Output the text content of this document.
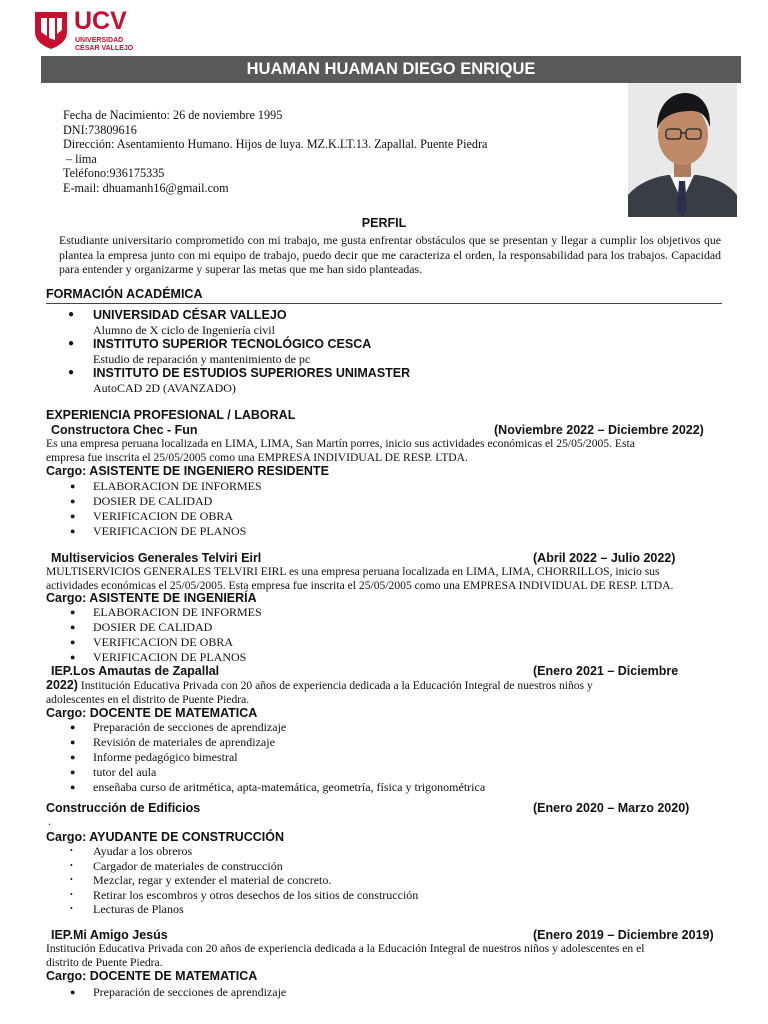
UCV
UNIVERSIDAD
CÉSAR VALLEJO
HUAMAN HUAMAN DIEGO ENRIQUE
Fecha de Nacimiento: 26 de noviembre 1995
DNI:73809616
Dirección: Asentamiento Humano. Hijos de luya. MZ.K.LT.13. Zapallal. Puente Piedra
– lima
Teléfono:936175335
E-mail: dhuamanh16@gmail.com
PERFIL
Estudiante universitario comprometido con mi trabajo, me gusta enfrentar obstáculos que se presentan y llegar a cumplir los objetivos que plantea la empresa junto con mi equipo de trabajo, puedo decir que me caracteriza el orden, la responsabilidad para los trabajos. Capacidad para entender y organizarme y superar las metas que me han sido planteadas.
FORMACIÓN ACADÉMICA
● UNIVERSIDAD CÉSAR VALLEJO
Alumno de X ciclo de Ingeniería civil
● INSTITUTO SUPERIOR TECNOLÓGICO CESCA
Estudio de reparación y mantenimiento de pc
● INSTITUTO DE ESTUDIOS SUPERIORES UNIMASTER
AutoCAD 2D (AVANZADO)
EXPERIENCIA PROFESIONAL / LABORAL
Constructora Chec - Fun	(Noviembre 2022 – Diciembre 2022)
Es una empresa peruana localizada en LIMA, LIMA, San Martín porres, inicio sus actividades económicas el 25/05/2005. Esta
empresa fue inscrita el 25/05/2005 como una EMPRESA INDIVIDUAL DE RESP. LTDA.
Cargo: ASISTENTE DE INGENIERO RESIDENTE
● ELABORACION DE INFORMES
● DOSIER DE CALIDAD
● VERIFICACION DE OBRA
● VERIFICACION DE PLANOS
Multiservicios Generales Telviri Eirl	(Abril 2022 – Julio 2022)
MULTISERVICIOS GENERALES TELVIRI EIRL es una empresa peruana localizada en LIMA, LIMA, CHORRILLOS, inicio sus
actividades económicas el 25/05/2005. Esta empresa fue inscrita el 25/05/2005 como una EMPRESA INDIVIDUAL DE RESP. LTDA.
Cargo: ASISTENTE DE INGENIERÍA
● ELABORACION DE INFORMES
● DOSIER DE CALIDAD
● VERIFICACION DE OBRA
● VERIFICACION DE PLANOS
IEP.Los Amautas de Zapallal	(Enero 2021 – Diciembre
2022) Institución Educativa Privada con 20 años de experiencia dedicada a la Educación Integral de nuestros niños y
adolescentes en el distrito de Puente Piedra.
Cargo: DOCENTE DE MATEMATICA
● Preparación de secciones de aprendizaje
● Revisión de materiales de aprendizaje
● Informe pedagógico bimestral
● tutor del aula
● enseñaba curso de aritmética, apta-matemática, geometría, física y trigonométrica
Construcción de Edificios	(Enero 2020 – Marzo 2020)
.
Cargo: AYUDANTE DE CONSTRUCCIÓN
• Ayudar a los obreros
• Cargador de materiales de construcción
• Mezclar, regar y extender el material de concreto.
• Retirar los escombros y otros desechos de los sitios de construcción
• Lecturas de Planos
IEP.Mi Amigo Jesús	(Enero 2019 – Diciembre 2019)
Institución Educativa Privada con 20 años de experiencia dedicada a la Educación Integral de nuestros niños y adolescentes en el
distrito de Puente Piedra.
Cargo: DOCENTE DE MATEMATICA
● Preparación de secciones de aprendizaje
